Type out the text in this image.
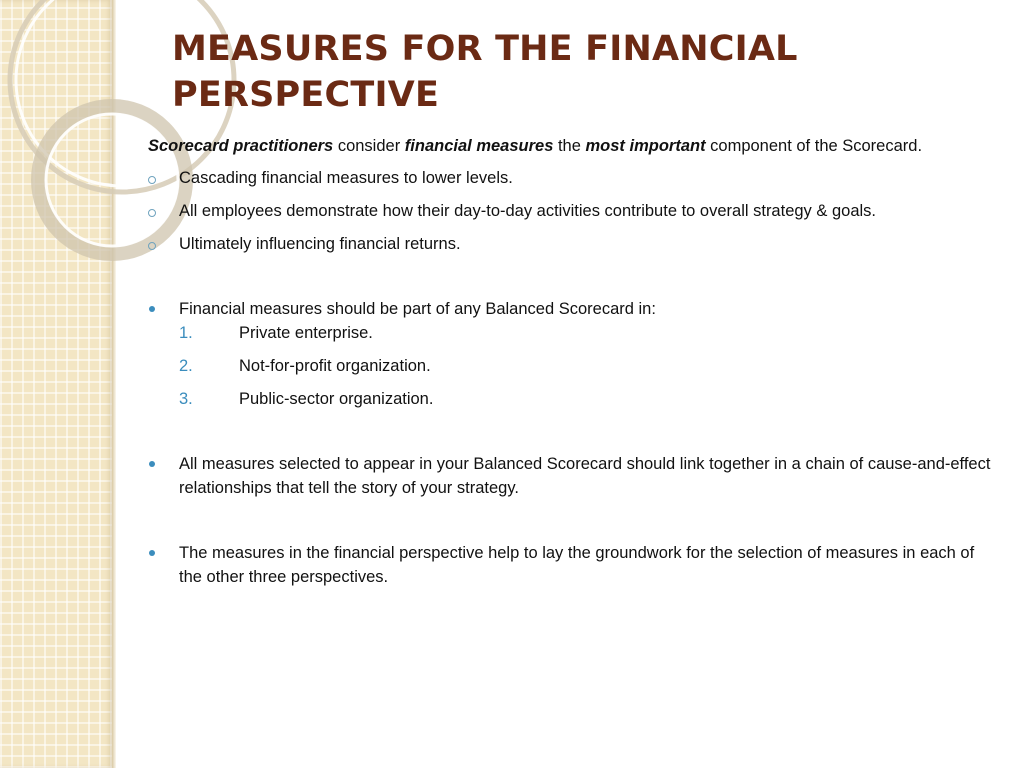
MEASURES FOR THE FINANCIAL PERSPECTIVE

Scorecard practitioners consider financial measures the most important component of the Scorecard.

Cascading financial measures to lower levels.
All employees demonstrate how their day-to-day activities contribute to overall strategy & goals.
Ultimately influencing financial returns.
Financial measures should be part of any Balanced Scorecard in:
1.	Private enterprise.
2.	Not-for-profit organization.
3.	Public-sector organization.
All measures selected to appear in your Balanced Scorecard should link together in a chain of cause-and-effect relationships that tell the story of your strategy.
The measures in the financial perspective help to lay the groundwork for the selection of measures in each of the other three perspectives.
